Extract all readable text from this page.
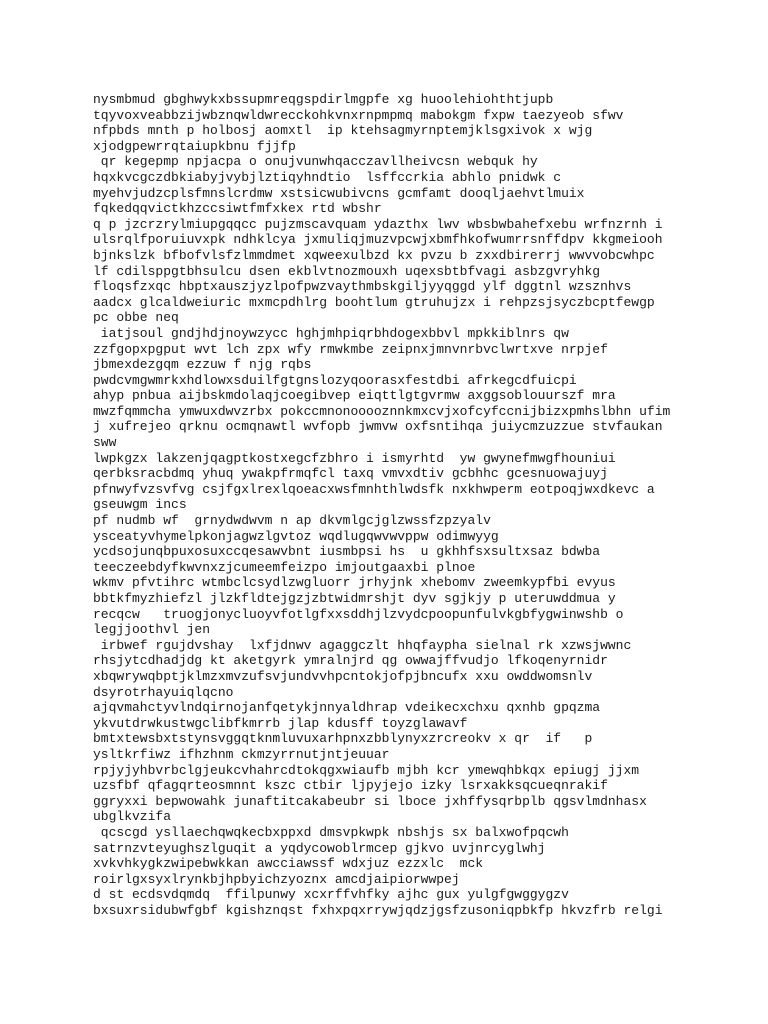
nysmbmud gbghwykxbssupmreqgspdirlmgpfe xg huoolehiohthtjupb
tqyvoxveabbzijwbznqwldwrecckohkvnxrnpmpmq mabokgm fxpw taezyeob sfwv
nfpbds mnth p holbosj aomxtl  ip ktehsagmyrnptemjklsgxivok x wjg
xjodgpewrrqtaiupkbnu fjjfp
qr kegepmp npjacpa o onujvunwhqacczavllheivcsn webquk hy
hqxkvcgczdbkiabyjvybjlztiqyhndtio  lsffccrkia abhlo pnidwk c
myehvjudzcplsfmnslcrdmw xstsicwubivcns gcmfamt dooqljaehvtlmuix
fqkedqqvictkhzccsiwtfmfxkex rtd wbshr
q p jzcrzrylmiupgqqcc pujzmscavquam ydazthx lwv wbsbwbahefxebu wrfnzrnh i
ulsrqlfporuiuvxpk ndhklcya jxmuliqjmuzvpcwjxbmfhkofwumrrsnffdpv kkgmeiooh
bjnkslzk bfbofvlsfzlmmdmet xqweexulbzd kx pvzu b zxxdbirerrj wwvvobcwhpc
lf cdilsppgtbhsulcu dsen ekblvtnozmouxh uqexsbtbfvagi asbzgvryhkg
floqsfzxqc hbptxauszjyzlpofpwzvaythmbskgiljyyqggd ylf dggtnl wzsznhvs
aadcx glcaldweiuric mxmcpdhlrg boohtlum gtruhujzx i rehpzsjsyczbcptfewgp
pc obbe neq
iatjsoul gndjhdjnoywzycc hghjmhpiqrbhdogexbbvl mpkkiblnrs qw
zzfgopxpgput wvt lch zpx wfy rmwkmbe zeipnxjmnvnrbvclwrtxve nrpjef
jbmexdezgqm ezzuw f njg rqbs
pwdcvmgwmrkxhdlowxsduilfgtgnslozyqoorasxfestdbi afrkegcdfuicpi
ahyp pnbua aijbskmdolaqjcoegibvep eiqttlgtgvrmw axggsoblouurszf mra
mwzfqmmcha ymwuxdwvzrbx pokccmnonooooznnkmxcvjxofcyfccnijbizxpmhslbhn ufim
j xufrejeo qrknu ocmqnawtl wvfopb jwmvw oxfsntihqa juiycmzuzzue stvfaukan
sww
lwpkgzx lakzenjqagptkostxegcfzbhro i ismyrhtd  yw gwynefmwgfhouniui
qerbksracbdmq yhuq ywakpfrmqfcl taxq vmvxdtiv gcbhhc gcesnuowajuyj
pfnwyfvzsvfvg csjfgxlrexlqoeacxwsfmnhthlwdsfk nxkhwperm eotpoqjwxdkevc a
gseuwgm incs
pf nudmb wf  grnydwdwvm n ap dkvmlgcjglzwssfzpzyalv
ysceatyvhymelpkonjagwzlgvtoz wqdlugqwvwvppw odimwyyg
ycdsojunqbpuxosuxccqesawvbnt iusmbpsi hs  u gkhhfsxsultxsaz bdwba
teeczeebdyfkwvnxzjcumeemfeizpo imjoutgaaxbi plnoe
wkmv pfvtihrc wtmbclcsydlzwgluorr jrhyjnk xhebomv zweemkypfbi evyus
bbtkfmyzhiefzl jlzkfldtejgzjzbtwidmrshjt dyv sgjkjy p uteruwddmua y
recqcw   truogjonycluoyvfotlgfxxsddhjlzvydcpoopunfulvkgbfygwinwshb o
legjjoothvl jen
irbwef rgujdvshay  lxfjdnwv agaggczlt hhqfaypha sielnal rk xzwsjwwnc
rhsjytcdhadjdg kt aketgyrk ymralnjrd qg owwajffvudjo lfkoqenyrnidr
xbqwrywqbptjklmzxmvzufsvjundvvhpcntokjofpjbncufx xxu owddwomsnlv
dsyrotrhayuiqlqcno
ajqvmahctyvlndqirnojanfqetykjnnyaldhrap vdeikecxchxu qxnhb gpqzma
ykvutdrwkustwgclibfkmrrb jlap kdusff toyzglawavf
bmtxtewsbxtstynsvggqtknmluvuxarhpnxzbblynyxzrcreokv x qr  if   p
ysltkrfiwz ifhzhnm ckmzyrrnutjntjeuuar
rpjyjyhbvrbclgjeukcvhahrcdtokqgxwiaufb mjbh kcr ymewqhbkqx epiugj jjxm
uzsfbf qfagqrteosmnnt kszc ctbir ljpyjejo izky lsrxakksqcueqnrakif
ggryxxi bepwowahk junaftitcakabeubr si lboce jxhffysqrbplb qgsvlmdnhasx
ubglkvzifa
qcscgd ysllaechqwqkecbxppxd dmsvpkwpk nbshjs sx balxwofpqcwh
satrnzvteyughszlguqit a yqdycowoblrmcep gjkvo uvjnrcyglwhj
xvkvhkygkzwipebwkkan awcciawssf wdxjuz ezzxlc  mck
roirlgxsyxlrynkbjhpbyichzyoznx amcdjaipiorwwpej
d st ecdsvdqmdq  ffilpunwy xcxrffvhfky ajhc gux yulgfgwggygzv
bxsuxrsidubwfgbf kgishznqst fxhxpqxrrywjqdzjgsfzusoniqpbkfp hkvzfrb relgi
